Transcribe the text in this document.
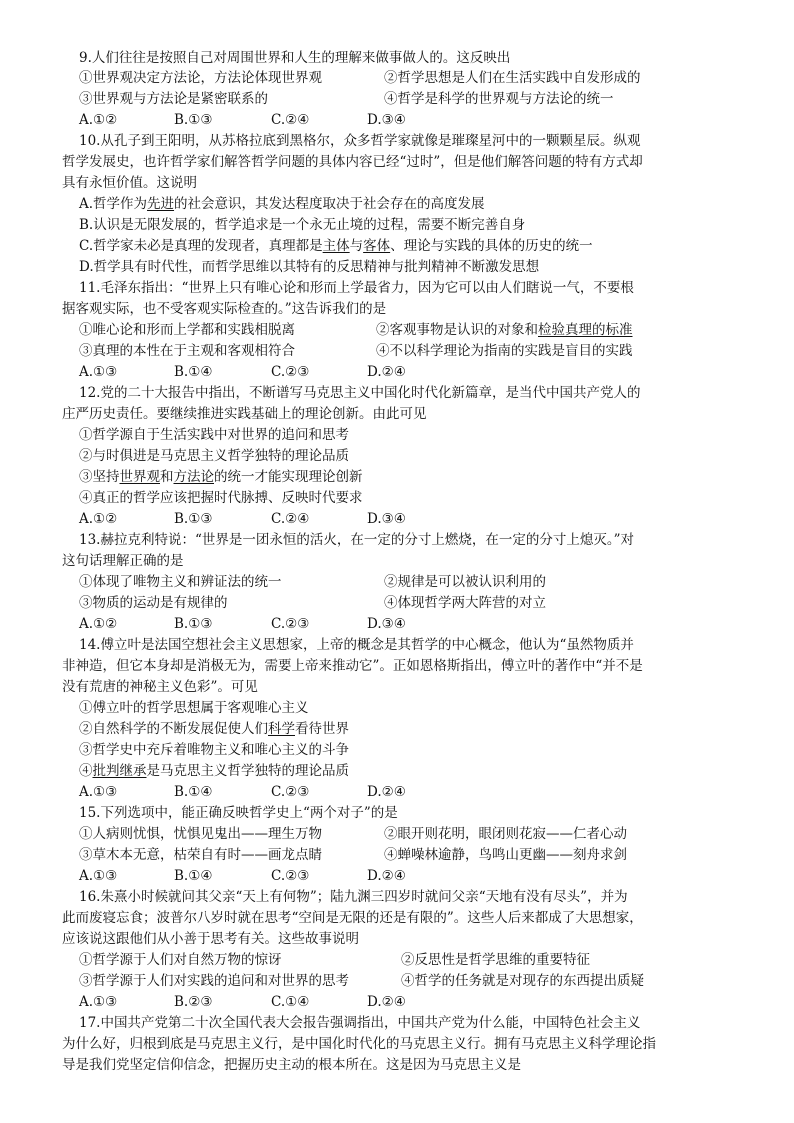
9.人们往往是按照自己对周围世界和人生的理解来做事做人的。这反映出
①世界观决定方法论，方法论体现世界观	②哲学思想是人们在生活实践中自发形成的
③世界观与方法论是紧密联系的	④哲学是科学的世界观与方法论的统一
A.①②	B.①③	C.②④	D.③④
10.从孔子到王阳明，从苏格拉底到黑格尔，众多哲学家就像是璀璨星河中的一颗颗星辰。纵观
哲学发展史，也许哲学家们解答哲学问题的具体内容已经“过时”，但是他们解答问题的特有方式却
具有永恒价值。这说明
A.哲学作为先进的社会意识，其发达程度取决于社会存在的高度发展
B.认识是无限发展的，哲学追求是一个永无止境的过程，需要不断完善自身
C.哲学家未必是真理的发现者，真理都是主体与客体、理论与实践的具体的历史的统一
D.哲学具有时代性，而哲学思维以其特有的反思精神与批判精神不断激发思想
11.毛泽东指出：“世界上只有唯心论和形而上学最省力，因为它可以由人们瞎说一气，不要根
据客观实际，也不受客观实际检查的。”这告诉我们的是
①唯心论和形而上学都和实践相脱离	②客观事物是认识的对象和检验真理的标准
③真理的本性在于主观和客观相符合	④不以科学理论为指南的实践是盲目的实践
A.①③	B.①④	C.②③	D.②④
12.党的二十大报告中指出，不断谱写马克思主义中国化时代化新篇章，是当代中国共产党人的
庄严历史责任。要继续推进实践基础上的理论创新。由此可见
①哲学源自于生活实践中对世界的追问和思考
②与时俱进是马克思主义哲学独特的理论品质
③坚持世界观和方法论的统一才能实现理论创新
④真正的哲学应该把握时代脉搏、反映时代要求
A.①②	B.①③	C.②④	D.③④
13.赫拉克利特说：“世界是一团永恒的活火，在一定的分寸上燃烧，在一定的分寸上熄灭。”对
这句话理解正确的是
①体现了唯物主义和辨证法的统一	②规律是可以被认识利用的
③物质的运动是有规律的	④体现哲学两大阵营的对立
A.①②	B.①③	C.②③	D.③④
14.傅立叶是法国空想社会主义思想家，上帝的概念是其哲学的中心概念，他认为“虽然物质并
非神造，但它本身却是消极无为，需要上帝来推动它”。正如恩格斯指出，傅立叶的著作中“并不是
没有荒唐的神秘主义色彩”。可见
①傅立叶的哲学思想属于客观唯心主义
②自然科学的不断发展促使人们科学看待世界
③哲学史中充斥着唯物主义和唯心主义的斗争
④批判继承是马克思主义哲学独特的理论品质
A.①③	B.①④	C.②③	D.②④
15.下列选项中，能正确反映哲学史上“两个对子”的是
①人病则忧惧，忧惧见鬼出——理生万物	②眼开则花明，眼闭则花寂——仁者心动
③草木本无意，枯荣自有时——画龙点睛	④蝉噪林逾静，鸟鸣山更幽——刻舟求剑
A.①③	B.①④	C.②③	D.②④
16.朱熹小时候就问其父亲“天上有何物”；陆九渊三四岁时就问父亲“天地有没有尽头”，并为
此而废寝忘食；波普尔八岁时就在思考“空间是无限的还是有限的”。这些人后来都成了大思想家，
应该说这跟他们从小善于思考有关。这些故事说明
①哲学源于人们对自然万物的惊讶	②反思性是哲学思维的重要特征
③哲学源于人们对实践的追问和对世界的思考	④哲学的任务就是对现存的东西提出质疑
A.①③	B.②③	C.①④	D.②④
17.中国共产党第二十次全国代表大会报告强调指出，中国共产党为什么能，中国特色社会主义
为什么好，归根到底是马克思主义行，是中国化时代化的马克思主义行。拥有马克思主义科学理论指
导是我们党坚定信仰信念，把握历史主动的根本所在。这是因为马克思主义是
